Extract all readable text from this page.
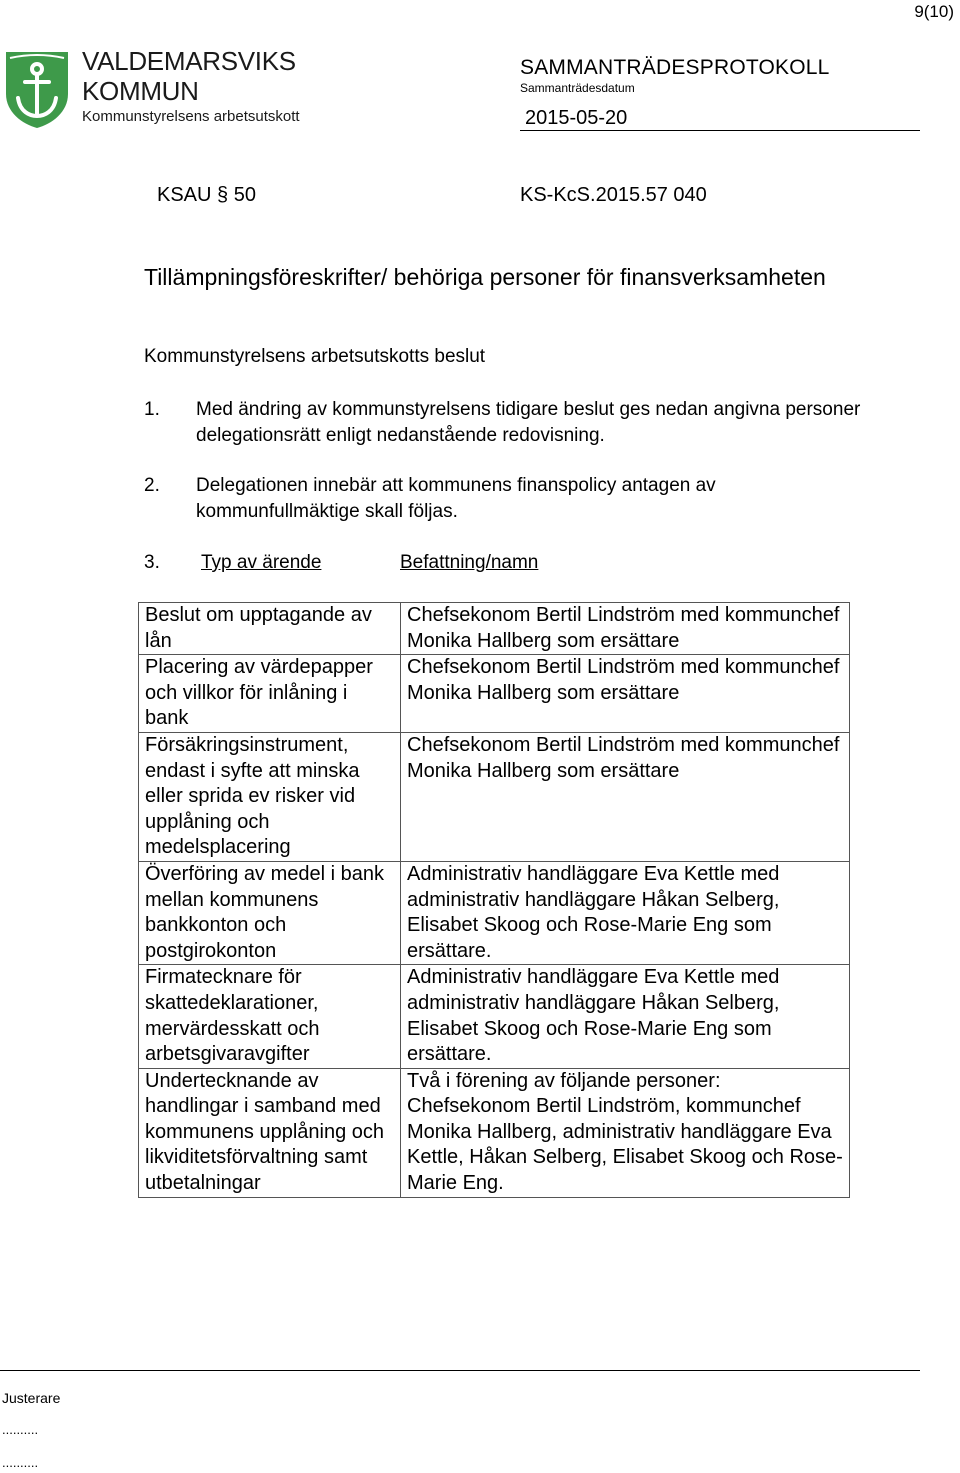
9(10)
VALDEMARSVIKS
KOMMUN
Kommunstyrelsens arbetsutskott
SAMMANTRÄDESPROTOKOLL
Sammanträdesdatum
2015-05-20
KSAU § 50	KS-KcS.2015.57 040
Tillämpningsföreskrifter/ behöriga personer för finansverksamheten
Kommunstyrelsens arbetsutskotts beslut
1. Med ändring av kommunstyrelsens tidigare beslut ges nedan angivna personer delegationsrätt enligt nedanstående redovisning.
2. Delegationen innebär att kommunens finanspolicy antagen av kommunfullmäktige skall följas.
3. Typ av ärende	Befattning/namn
Beslut om upptagande av lån	Chefsekonom Bertil Lindström med kommunchef Monika Hallberg som ersättare
Placering av värdepapper och villkor för inlåning i bank	Chefsekonom Bertil Lindström med kommunchef Monika Hallberg som ersättare
Försäkringsinstrument, endast i syfte att minska eller sprida ev risker vid upplåning och medelsplacering	Chefsekonom Bertil Lindström med kommunchef Monika Hallberg som ersättare
Överföring av medel i bank mellan kommunens bankkonton och postgirokonton	Administrativ handläggare Eva Kettle med administrativ handläggare Håkan Selberg, Elisabet Skoog och Rose-Marie Eng som ersättare.
Firmatecknare för skattedeklarationer, mervärdesskatt och arbetsgivaravgifter	Administrativ handläggare Eva Kettle med administrativ handläggare Håkan Selberg, Elisabet Skoog och Rose-Marie Eng som ersättare.
Undertecknande av handlingar i samband med kommunens upplåning och likviditetsförvaltning samt utbetalningar	Två i förening av följande personer: Chefsekonom Bertil Lindström, kommunchef Monika Hallberg, administrativ handläggare Eva Kettle, Håkan Selberg, Elisabet Skoog och Rose-Marie Eng.
Justerare
..........
..........
